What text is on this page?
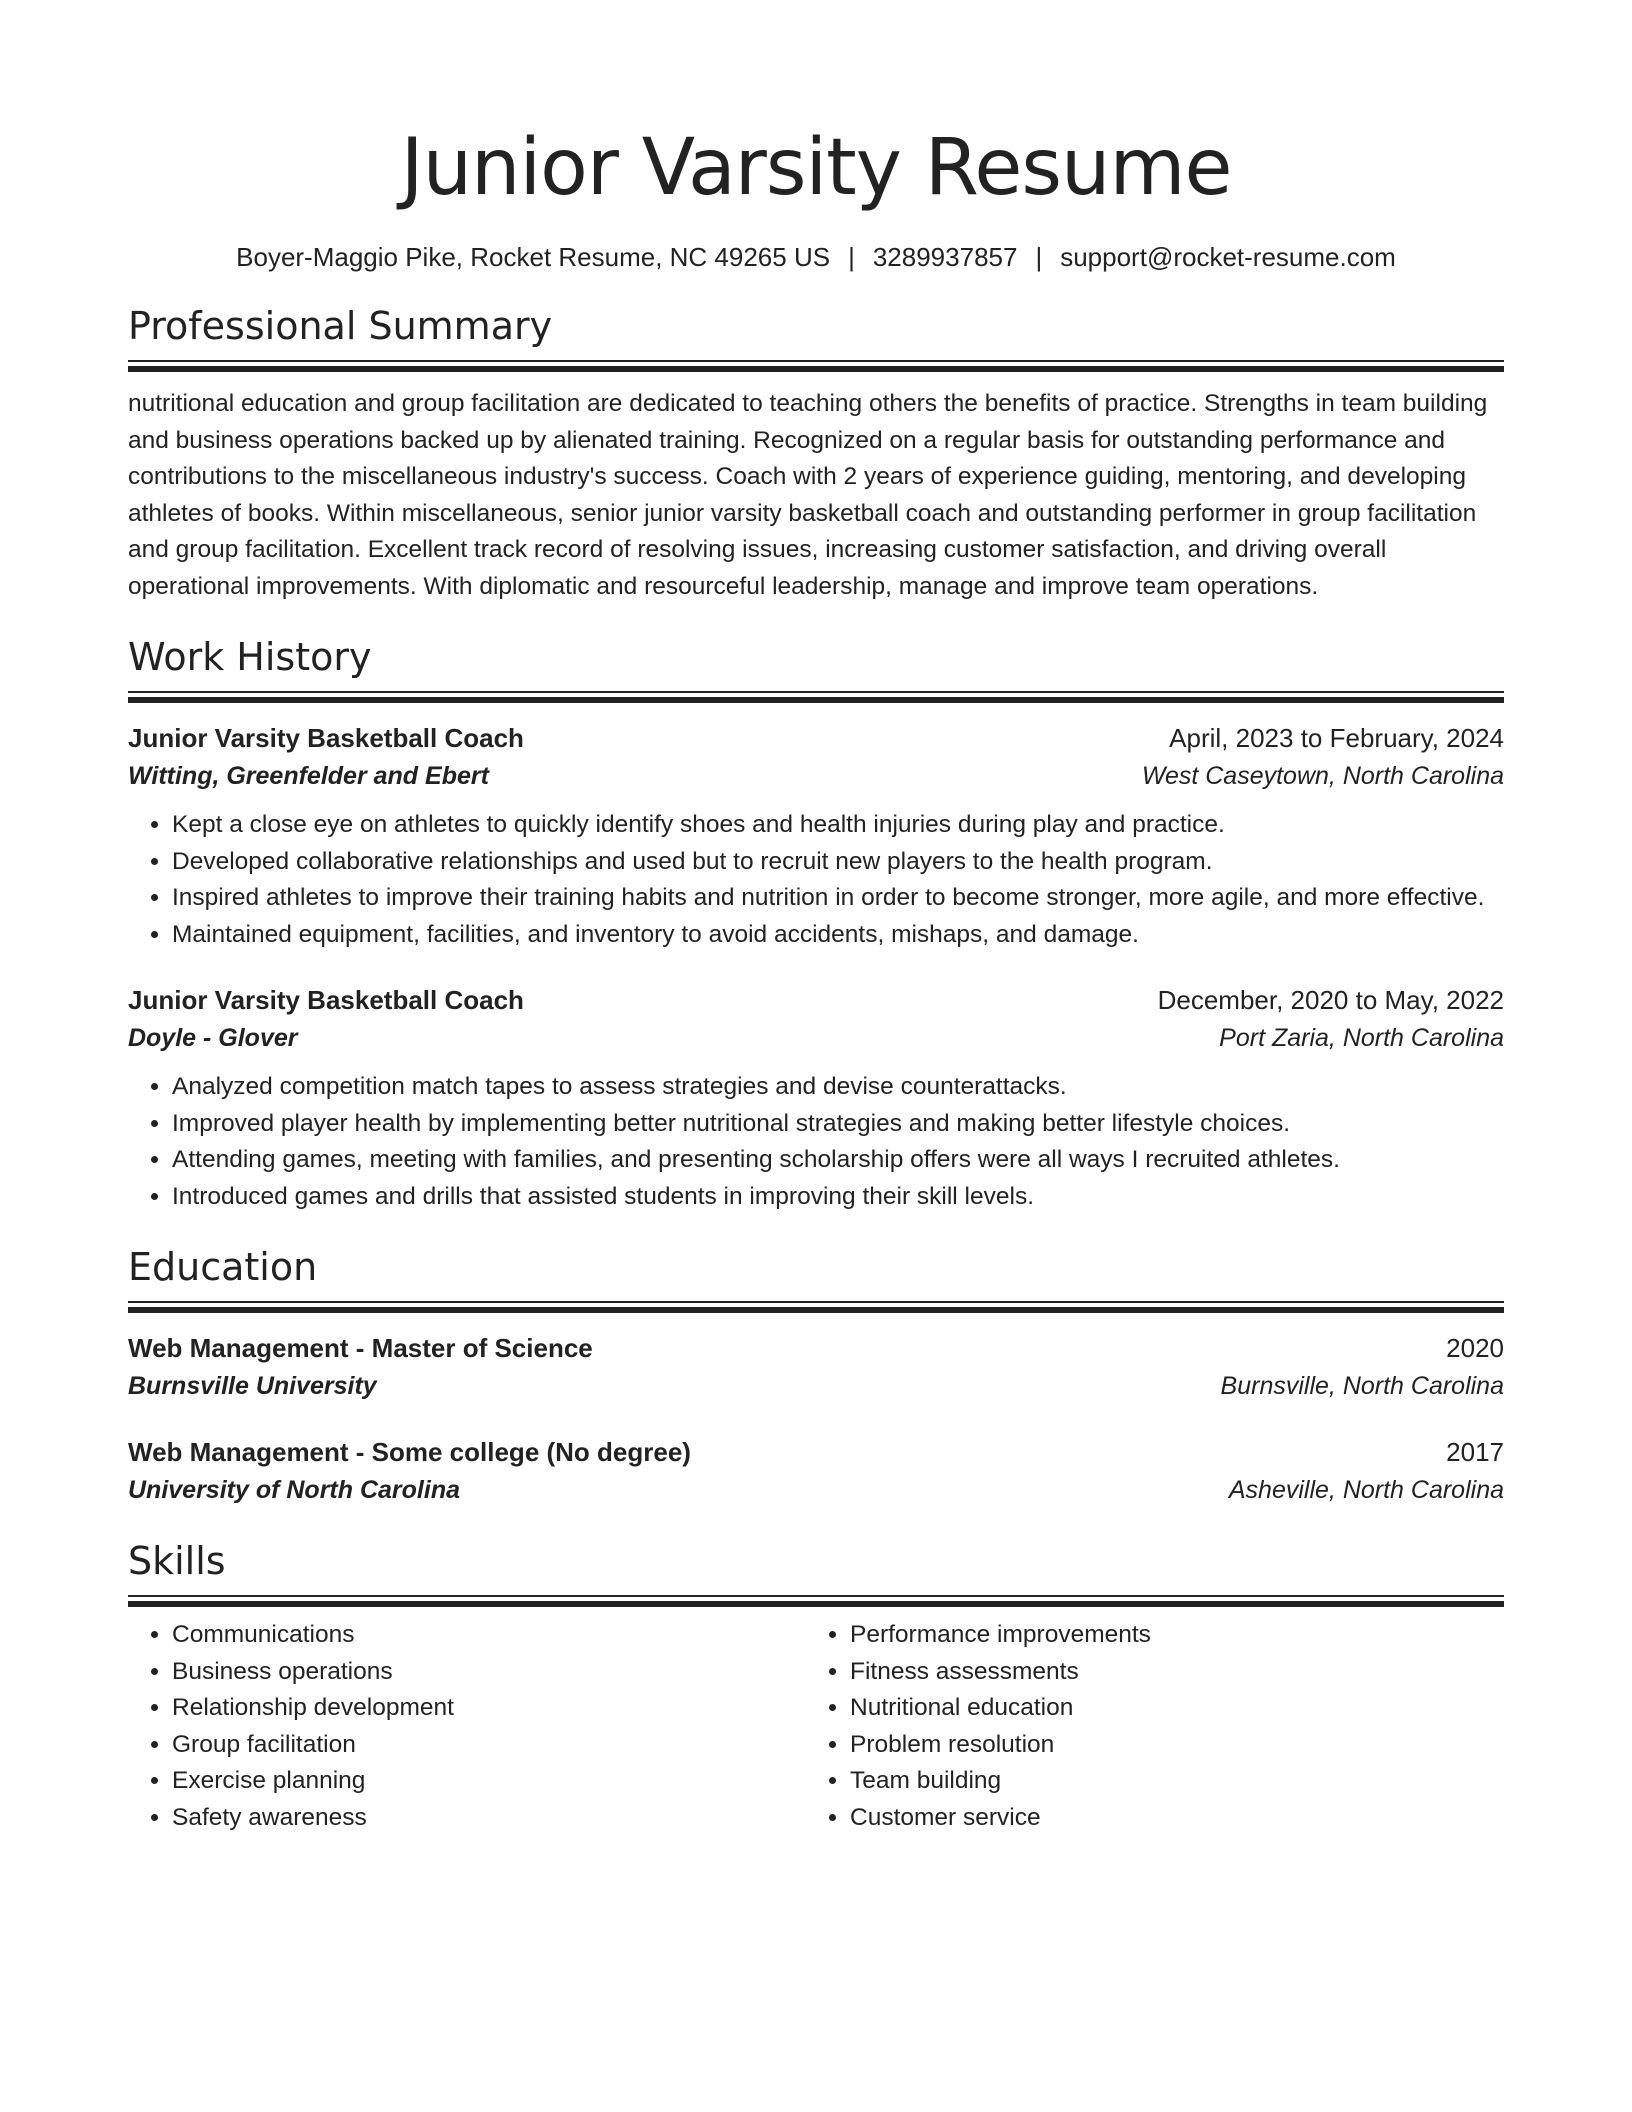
Junior Varsity Resume
Boyer-Maggio Pike, Rocket Resume, NC 49265 US | 3289937857 | support@rocket-resume.com
Professional Summary
nutritional education and group facilitation are dedicated to teaching others the benefits of practice. Strengths in team building and business operations backed up by alienated training. Recognized on a regular basis for outstanding performance and contributions to the miscellaneous industry's success. Coach with 2 years of experience guiding, mentoring, and developing athletes of books. Within miscellaneous, senior junior varsity basketball coach and outstanding performer in group facilitation and group facilitation. Excellent track record of resolving issues, increasing customer satisfaction, and driving overall operational improvements. With diplomatic and resourceful leadership, manage and improve team operations.
Work History
Junior Varsity Basketball Coach	April, 2023 to February, 2024
Witting, Greenfelder and Ebert	West Caseytown, North Carolina
• Kept a close eye on athletes to quickly identify shoes and health injuries during play and practice.
• Developed collaborative relationships and used but to recruit new players to the health program.
• Inspired athletes to improve their training habits and nutrition in order to become stronger, more agile, and more effective.
• Maintained equipment, facilities, and inventory to avoid accidents, mishaps, and damage.
Junior Varsity Basketball Coach	December, 2020 to May, 2022
Doyle - Glover	Port Zaria, North Carolina
• Analyzed competition match tapes to assess strategies and devise counterattacks.
• Improved player health by implementing better nutritional strategies and making better lifestyle choices.
• Attending games, meeting with families, and presenting scholarship offers were all ways I recruited athletes.
• Introduced games and drills that assisted students in improving their skill levels.
Education
Web Management - Master of Science	2020
Burnsville University	Burnsville, North Carolina
Web Management - Some college (No degree)	2017
University of North Carolina	Asheville, North Carolina
Skills
• Communications
• Business operations
• Relationship development
• Group facilitation
• Exercise planning
• Safety awareness
• Performance improvements
• Fitness assessments
• Nutritional education
• Problem resolution
• Team building
• Customer service
